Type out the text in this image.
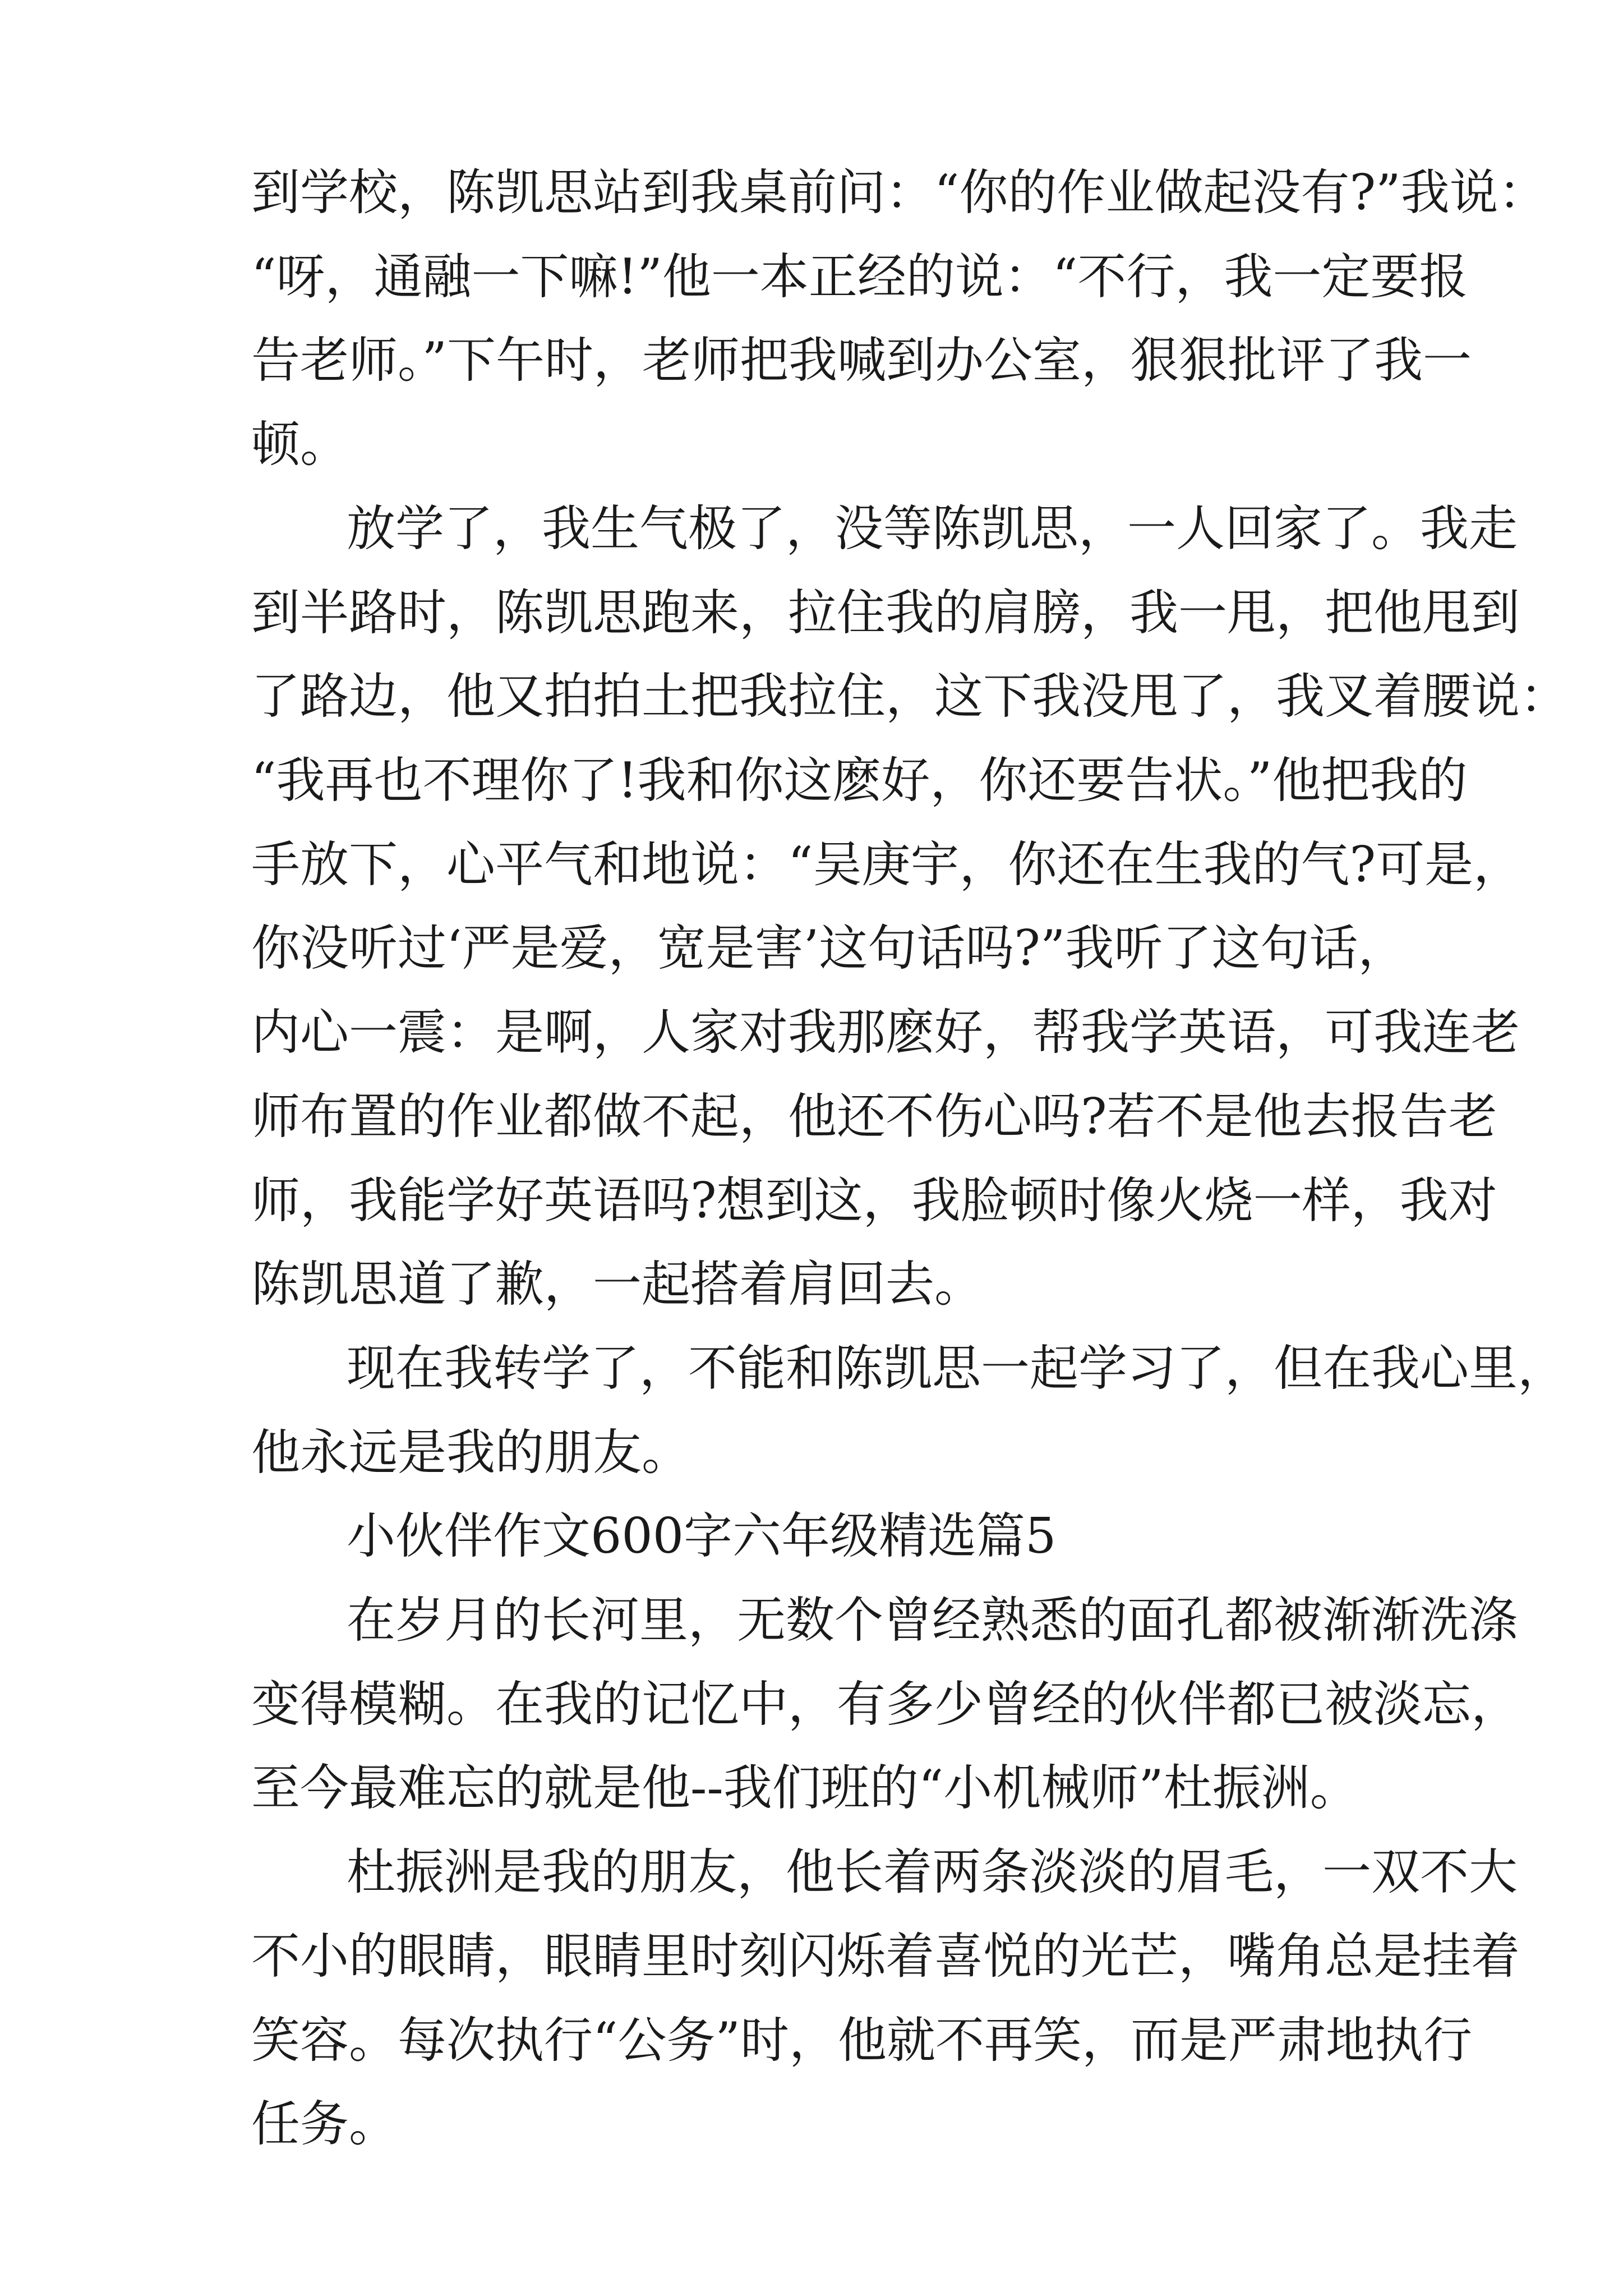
到学校，陈凯思站到我桌前问：“你的作业做起没有?”我说：
“呀，通融一下嘛!”他一本正经的说：“不行，我一定要报
告老师。”下午时，老师把我喊到办公室，狠狠批评了我一
顿。
放学了，我生气极了，没等陈凯思，一人回家了。我走
到半路时，陈凯思跑来，拉住我的肩膀，我一甩，把他甩到
了路边，他又拍拍土把我拉住，这下我没甩了，我叉着腰说：
“我再也不理你了!我和你这麽好，你还要告状。”他把我的
手放下，心平气和地说：“吴庚宇，你还在生我的气?可是，
你没听过‘严是爱，宽是害’这句话吗?”我听了这句话，
内心一震：是啊，人家对我那麽好，帮我学英语，可我连老
师布置的作业都做不起，他还不伤心吗?若不是他去报告老
师，我能学好英语吗?想到这，我脸顿时像火烧一样，我对
陈凯思道了歉，一起搭着肩回去。
现在我转学了，不能和陈凯思一起学习了，但在我心里，
他永远是我的朋友。
小伙伴作文600字六年级精选篇5
在岁月的长河里，无数个曾经熟悉的面孔都被渐渐洗涤
变得模糊。在我的记忆中，有多少曾经的伙伴都已被淡忘，
至今最难忘的就是他--我们班的“小机械师”杜振洲。
杜振洲是我的朋友，他长着两条淡淡的眉毛，一双不大
不小的眼睛，眼睛里时刻闪烁着喜悦的光芒，嘴角总是挂着
笑容。每次执行“公务”时，他就不再笑，而是严肃地执行
任务。
